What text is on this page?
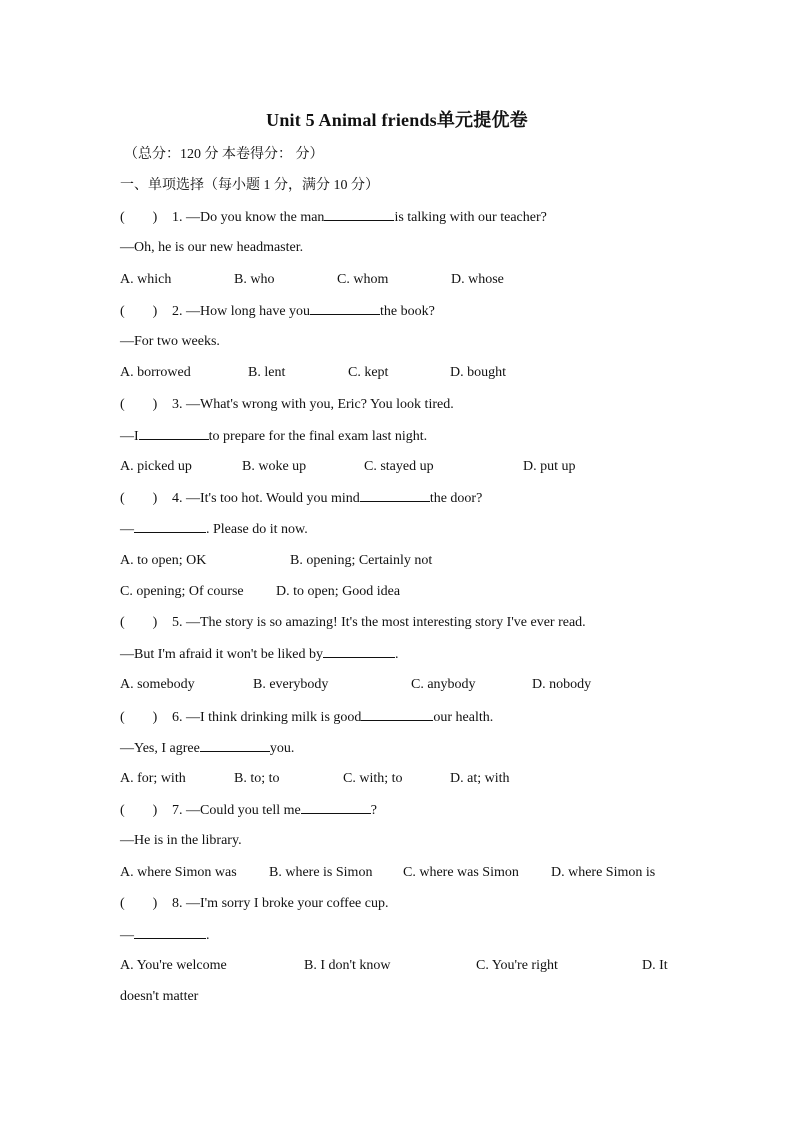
Unit 5 Animal friends单元提优卷
（总分：120 分 本卷得分： 分）
一、单项选择（每小题 1 分，满分 10 分）
(        ) 1. —Do you know the man	is talking with our teacher?
—Oh, he is our new headmaster.
A. which	B. who	C. whom	D. whose
(        ) 2. —How long have you	the book?
—For two weeks.
A. borrowed	B. lent	C. kept	D. bought
(        ) 3. —What's wrong with you, Eric? You look tired.
—I	to prepare for the final exam last night.
A. picked up	B. woke up	C. stayed up	D. put up
(        ) 4. —It's too hot. Would you mind	the door?
—	. Please do it now.
A. to open; OK	B. opening; Certainly not
C. opening; Of course D. to open; Good idea
(        ) 5. —The story is so amazing! It's the most interesting story I've ever read.
—But I'm afraid it won't be liked by	.
A. somebody	B. everybody	C. anybody	D. nobody
(        ) 6. —I think drinking milk is good	our health.
—Yes, I agree	you.
A. for; with	B. to; to	C. with; to	D. at; with
(        ) 7. —Could you tell me	?
—He is in the library.
A. where Simon was B. where is Simon C. where was Simon D. where Simon is
(        ) 8. —I'm sorry I broke your coffee cup.
—	.
A. You're welcome	B. I don't know	C. You're right	D. It
doesn't matter
